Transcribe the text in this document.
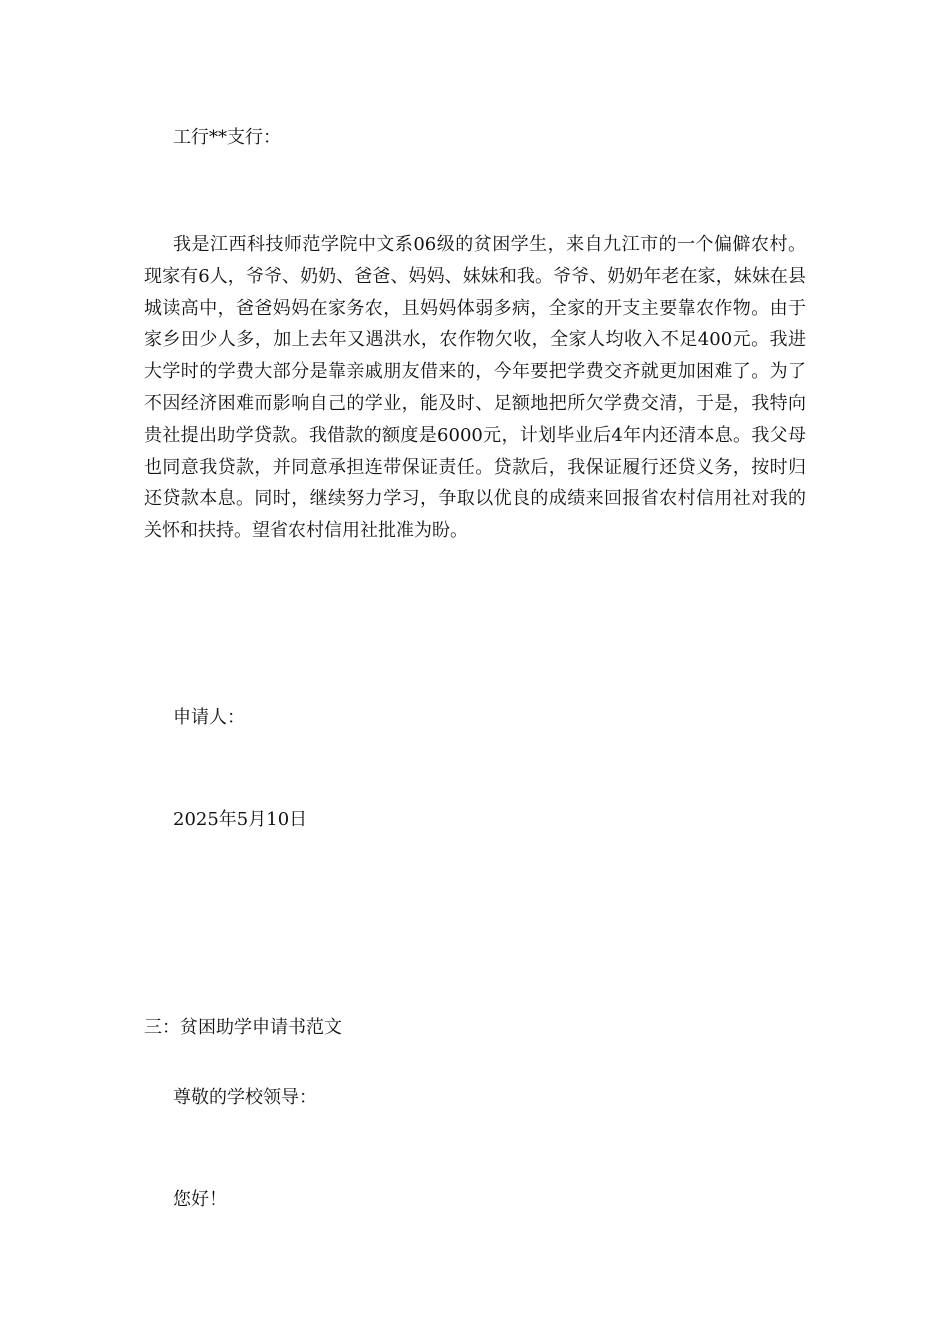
工行**支行：
我是江西科技师范学院中文系06级的贫困学生，来自九江市的一个偏僻农村。现家有6人，爷爷、奶奶、爸爸、妈妈、妹妹和我。爷爷、奶奶年老在家，妹妹在县城读高中，爸爸妈妈在家务农，且妈妈体弱多病，全家的开支主要靠农作物。由于家乡田少人多，加上去年又遇洪水，农作物欠收，全家人均收入不足400元。我进大学时的学费大部分是靠亲戚朋友借来的，今年要把学费交齐就更加困难了。为了不因经济困难而影响自己的学业，能及时、足额地把所欠学费交清，于是，我特向贵社提出助学贷款。我借款的额度是6000元，计划毕业后4年内还清本息。我父母也同意我贷款，并同意承担连带保证责任。贷款后，我保证履行还贷义务，按时归还贷款本息。同时，继续努力学习，争取以优良的成绩来回报省农村信用社对我的关怀和扶持。望省农村信用社批准为盼。
申请人：
2025年5月10日
三：贫困助学申请书范文
尊敬的学校领导：
您好！
